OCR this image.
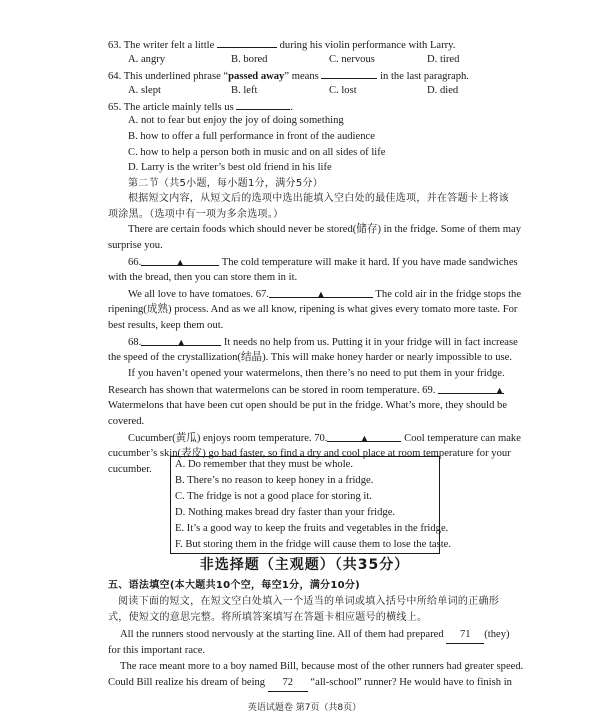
63. The writer felt a little	during his violin performance with Larry.
A. angry	B. bored	C. nervous	D. tired
64. This underlined phrase “passed away” means	in the last paragraph.
A. slept	B. left	C. lost	D. died
65. The article mainly tells us	.
A. not to fear but enjoy the joy of doing something
B. how to offer a full performance in front of the audience
C. how to help a person both in music and on all sides of life
D. Larry is the writer’s best old friend in his life
第二节（共5小题，每小题1分，满分5分）
根据短文内容，从短文后的选项中选出能填入空白处的最佳选项，并在答题卡上将该
项涂黑。（选项中有一项为多余选项。）
There are certain foods which should never be stored(储存) in the fridge. Some of them may
surprise you.
66.	▲	The cold temperature will make it hard. If you have made sandwiches
with the bread, then you can store them in it.
We all love to have tomatoes. 67.	▲	The cold air in the fridge stops the
ripening(成熟) process. And as we all know, ripening is what gives every tomato more taste. For
best results, keep them out.
68.	▲	It needs no help from us. Putting it in your fridge will in fact increase
the speed of the crystallization(结晶). This will make honey harder or nearly impossible to use.
If you haven’t opened your watermelons, then there’s no need to put them in your fridge.
Research has shown that watermelons can be stored in room temperature. 69.	▲
Watermelons that have been cut open should be put in the fridge. What’s more, they should be
covered.
Cucumber(黄瓜) enjoys room temperature. 70.	▲	Cool temperature can make
cucumber’s skin(表皮) go bad faster, so find a dry and cool place at room temperature for your
cucumber. A. Do remember that they must be whole.
B. There’s no reason to keep honey in a fridge.
C. The fridge is not a good place for storing it.
D. Nothing makes bread dry faster than your fridge.
E. It’s a good way to keep the fruits and vegetables in the fridge.
F. But storing them in the fridge will cause them to lose the taste.
非选择题（主观题）（共35分）
五、语法填空(本大题共10个空，每空1分，满分10分)
阅读下面的短文，在短文空白处填入一个适当的单词或填入括号中所给单词的正确形
式，使短文的意思完整。将所填答案填写在答题卡相应题号的横线上。
All the runners stood nervously at the starting line. All of them had prepared 71 (they)
for this important race.
The race meant more to a boy named Bill, because most of the other runners had greater speed.
Could Bill realize his dream of being 72 “all-school” runner? He would have to finish in
英语试题卷 第7页（共8页）
